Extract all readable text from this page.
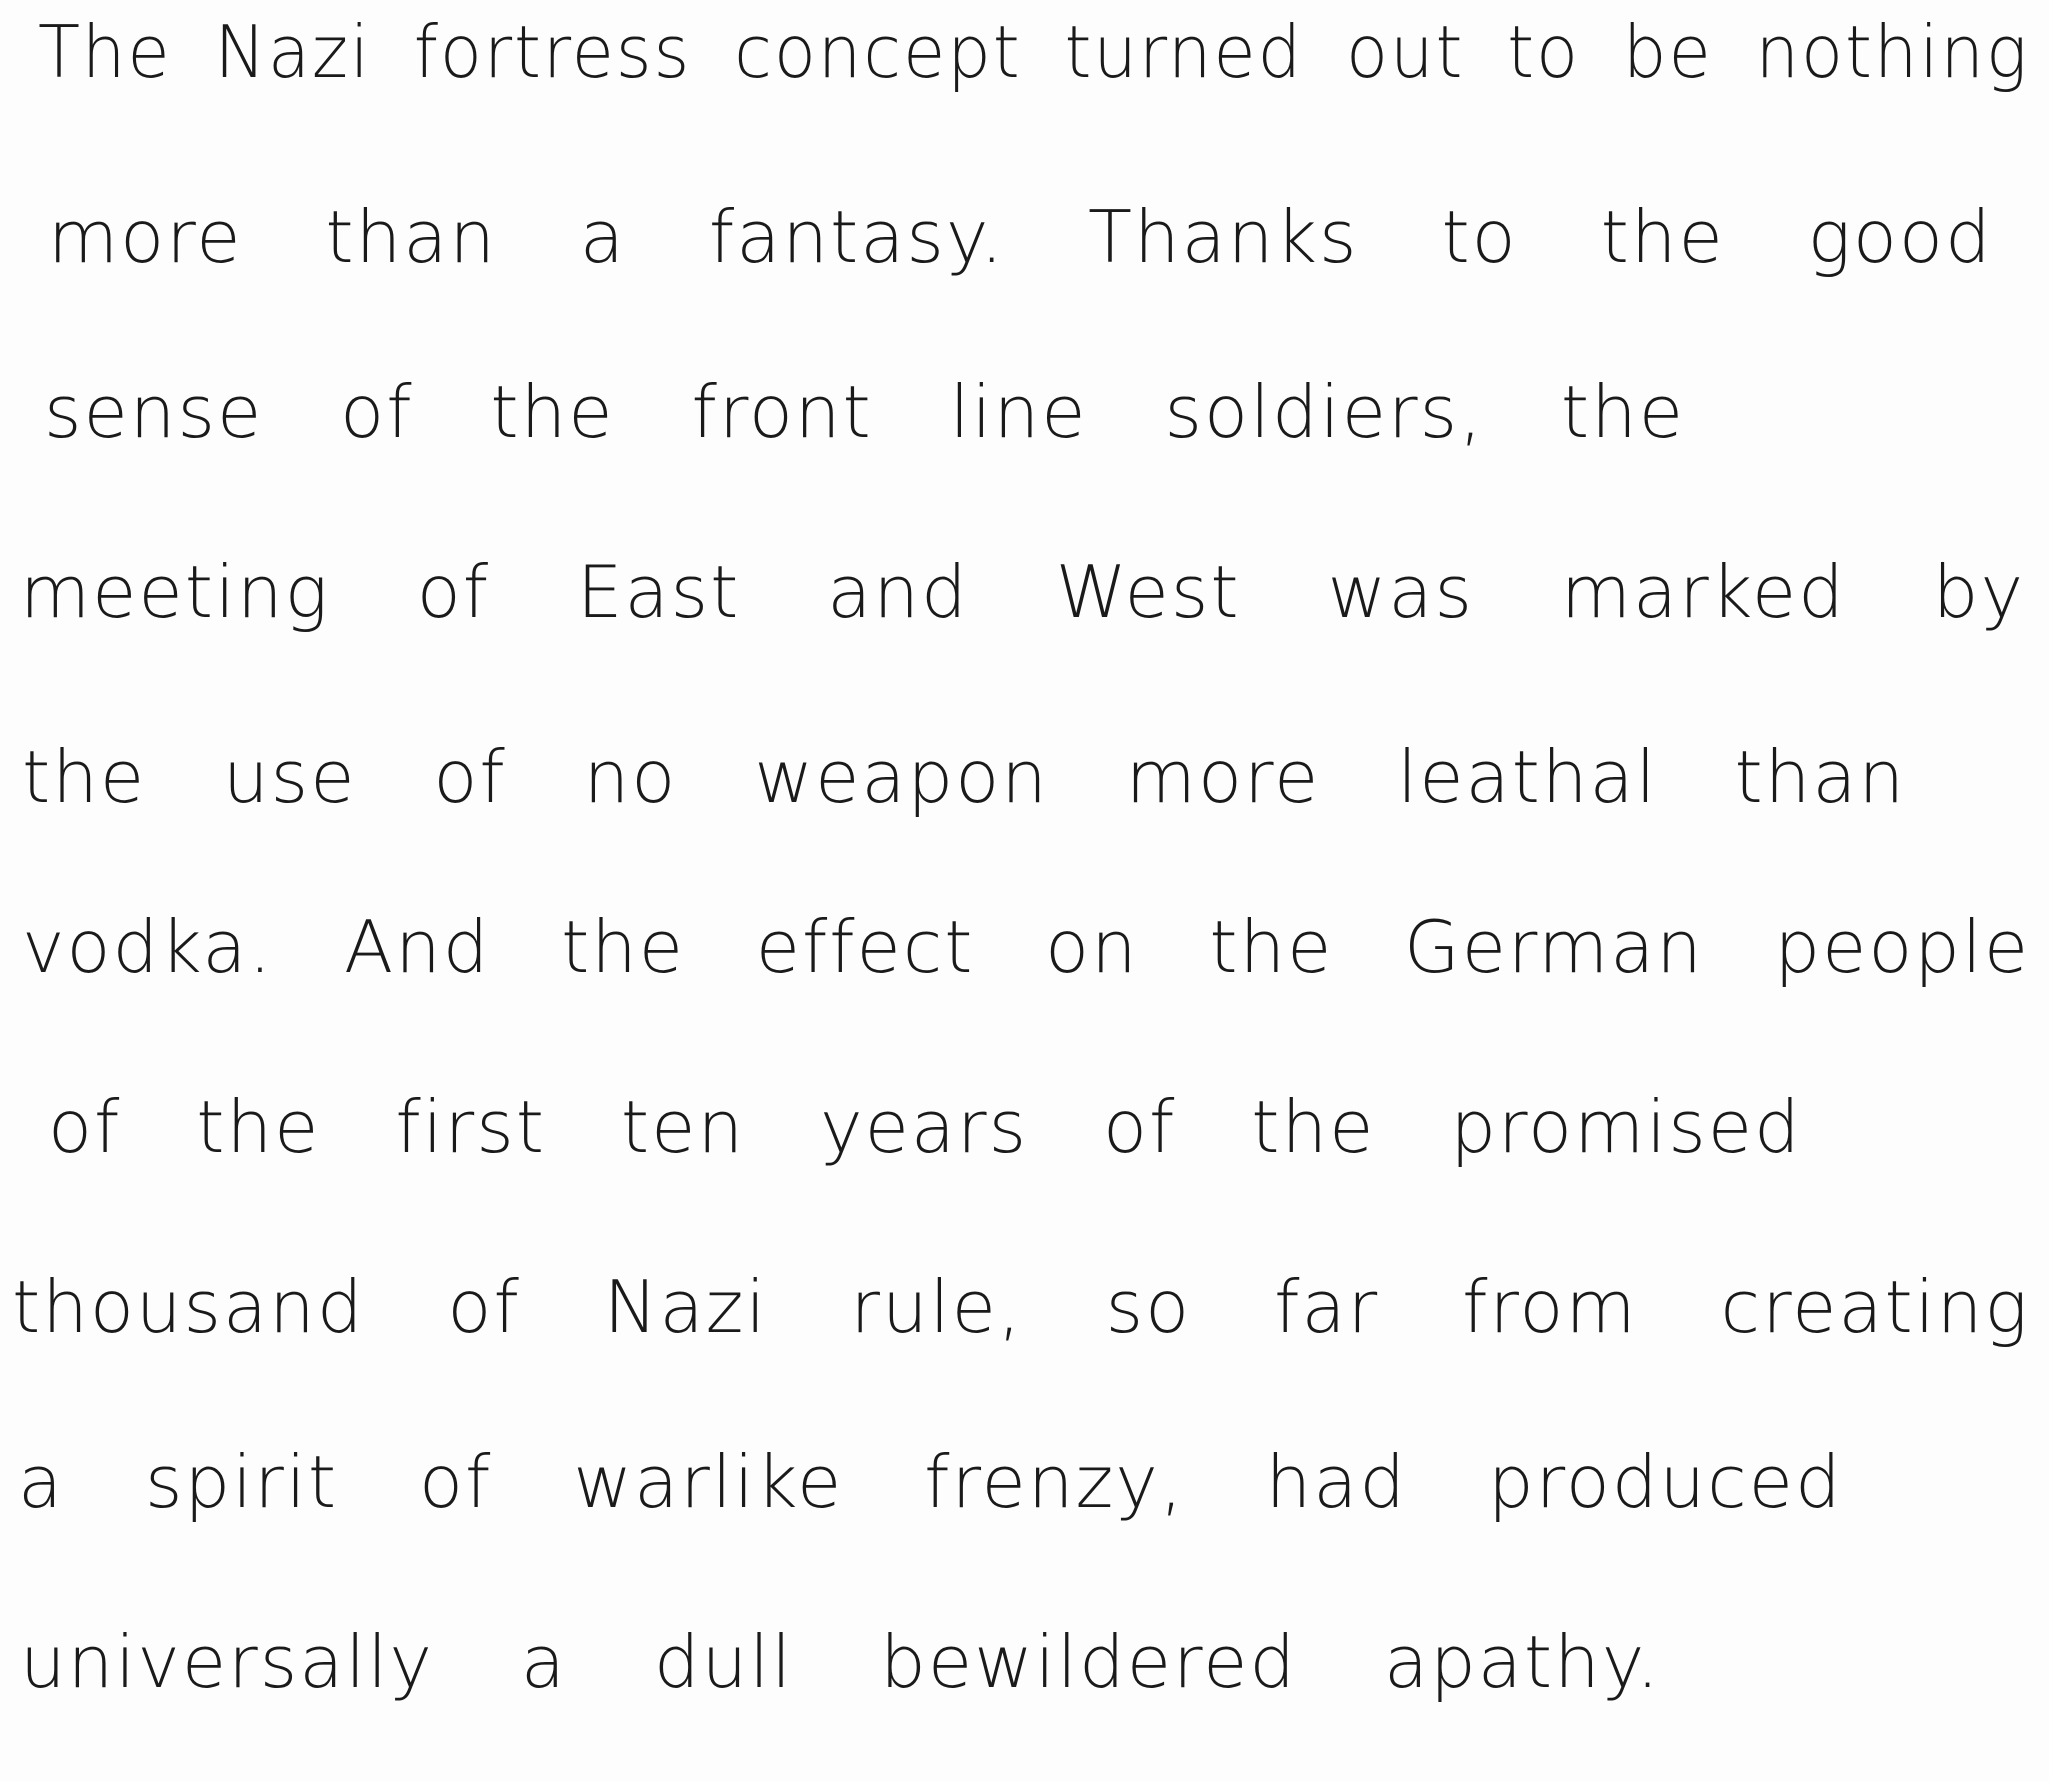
The Nazi fortress concept turned out to be nothing
more than a fantasy. Thanks to the good
sense of the front line soldiers, the
meeting of East and West was marked by
the use of no weapon more leathal than
vodka. And the effect on the German people
of the first ten years of the promised
thousand of Nazi rule, so far from creating
a spirit of warlike frenzy, had produced
universally a dull bewildered apathy.
